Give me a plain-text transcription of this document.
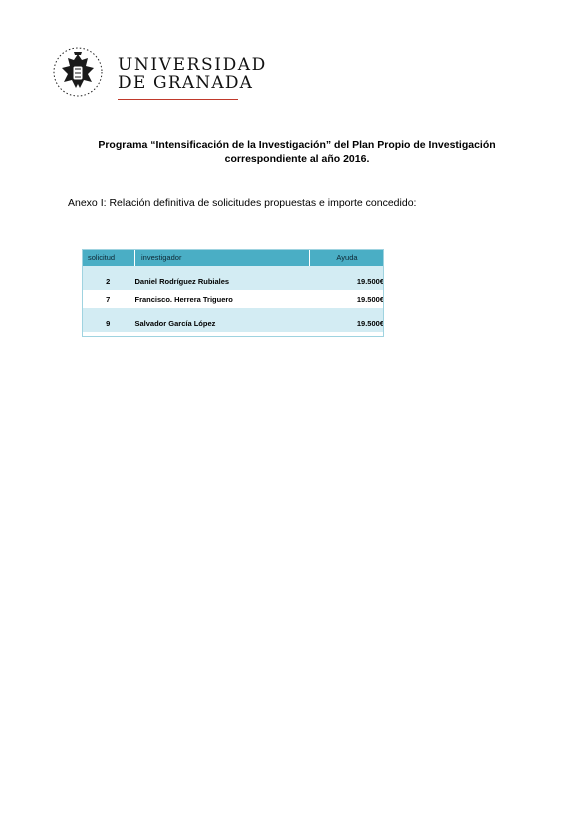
UNIVERSIDAD
DE GRANADA
Programa “Intensificación de la Investigación” del Plan Propio de Investigación correspondiente al año 2016.
Anexo I: Relación definitiva de solicitudes propuestas e importe concedido:
solicitud	investigador	Ayuda
2	Daniel Rodríguez Rubiales	19.500€
7	Francisco. Herrera Triguero	19.500€
9	Salvador García López	19.500€
